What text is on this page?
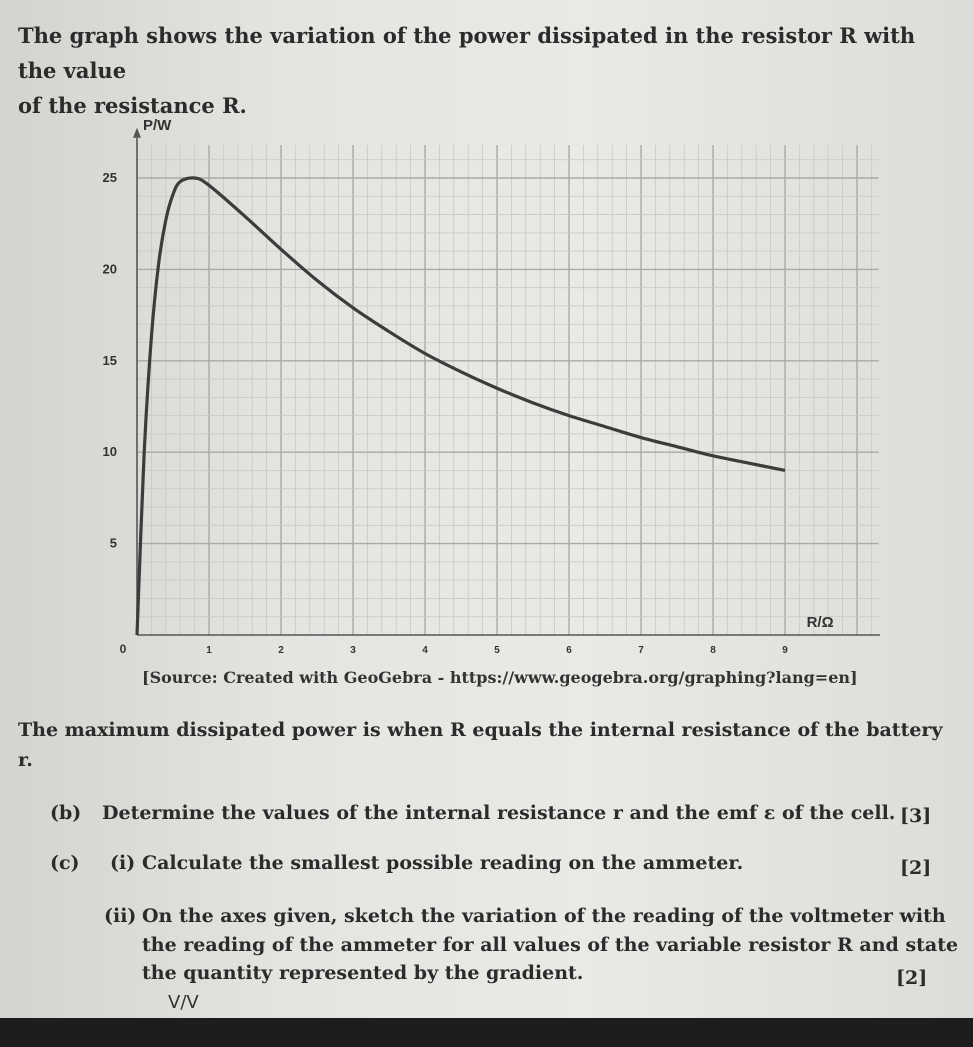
The graph shows the variation of the power dissipated in the resistor R with the value
of the resistance R.
0	1	2	3	4	5	6	7	8	9
5
10
15
20
25
P/W
R/Ω
[Source: Created with GeoGebra - https://www.geogebra.org/graphing?lang=en]
The maximum dissipated power is when R equals the internal resistance of the battery
r.
(b) Determine the values of the internal resistance r and the emf ε of the cell. [3]
(c) (i) Calculate the smallest possible reading on the ammeter.	[2]
(ii) On the axes given, sketch the variation of the reading of the voltmeter with
the reading of the ammeter for all values of the variable resistor R and state
the quantity represented by the gradient.	[2]
V/V
